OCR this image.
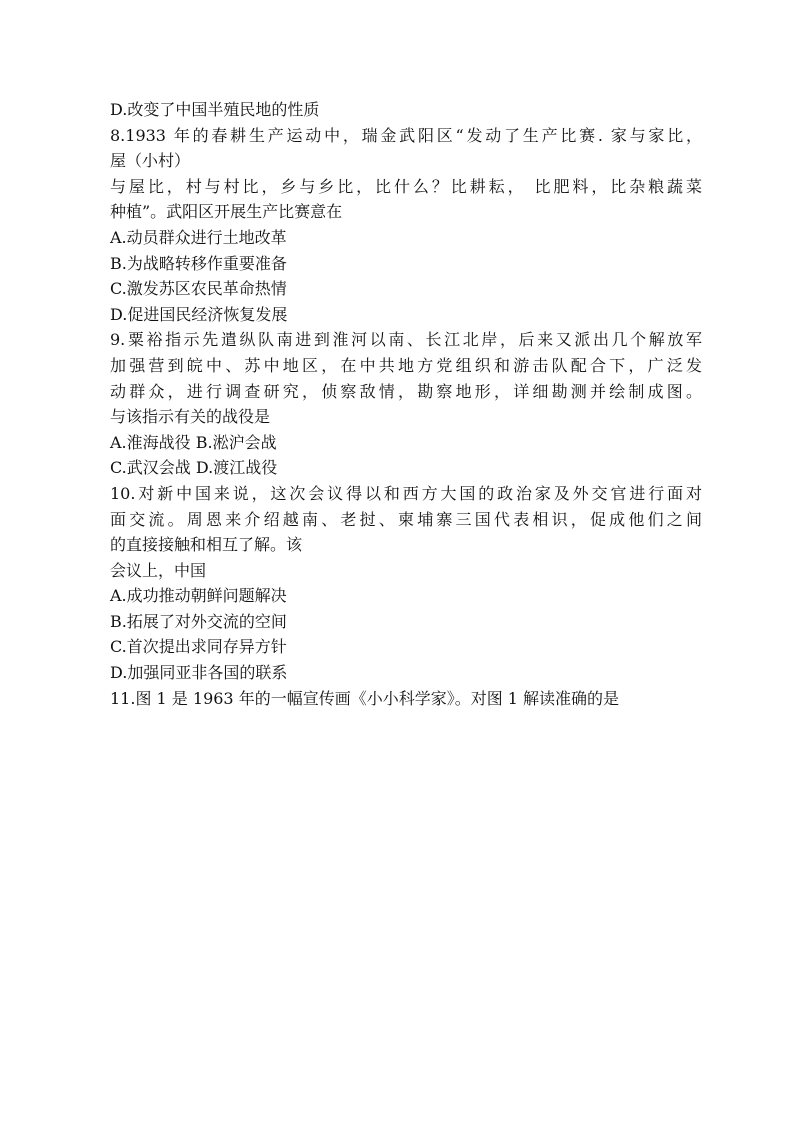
D.改变了中国半殖民地的性质
8.1933 年的春耕生产运动中，瑞金武阳区“发动了生产比赛. 家与家比，
屋（小村）
与屋比，村与村比，乡与乡比，比什么？比耕耘， 比肥料，比杂粮蔬菜
种植”。武阳区开展生产比赛意在
A.动员群众进行土地改革
B.为战略转移作重要准备
C.激发苏区农民革命热情
D.促进国民经济恢复发展
9.粟裕指示先遣纵队南进到淮河以南、长江北岸，后来又派出几个解放军
加强营到皖中、苏中地区，在中共地方党组织和游击队配合下，广泛发
动群众，进行调查研究，侦察敌情，勘察地形，详细勘测并绘制成图。
与该指示有关的战役是
A.淮海战役 B.淞沪会战
C.武汉会战 D.渡江战役
10.对新中国来说，这次会议得以和西方大国的政治家及外交官进行面对
面交流。周恩来介绍越南、老挝、柬埔寨三国代表相识，促成他们之间
的直接接触和相互了解。该
会议上，中国
A.成功推动朝鲜问题解决
B.拓展了对外交流的空间
C.首次提出求同存异方针
D.加强同亚非各国的联系
11.图 1 是 1963 年的一幅宣传画《小小科学家》。对图 1 解读准确的是
